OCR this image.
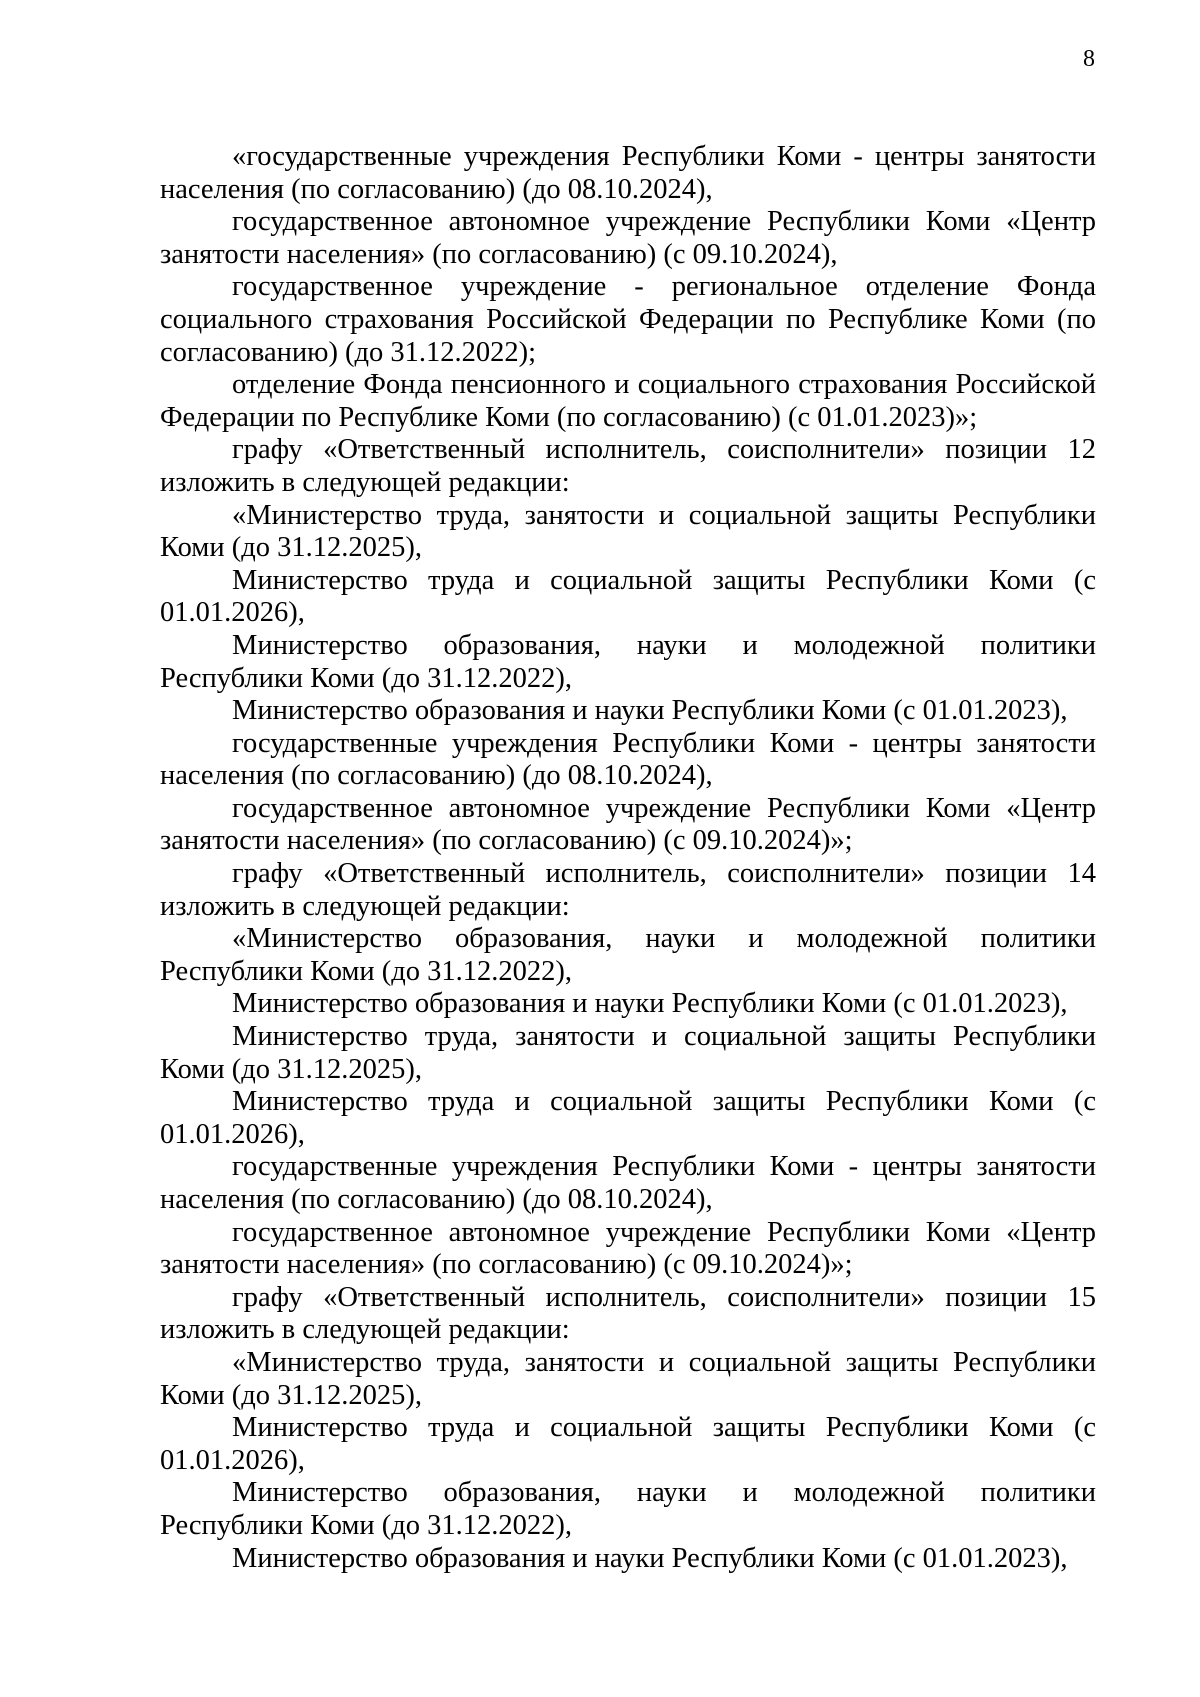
8

«государственные учреждения Республики Коми - центры занятости населения (по согласованию) (до 08.10.2024),

государственное автономное учреждение Республики Коми «Центр занятости населения» (по согласованию) (с 09.10.2024),

государственное учреждение - региональное отделение Фонда социального страхования Российской Федерации по Республике Коми (по согласованию) (до 31.12.2022);

отделение Фонда пенсионного и социального страхования Российской Федерации по Республике Коми (по согласованию) (с 01.01.2023)»;

графу «Ответственный исполнитель, соисполнители» позиции 12 изложить в следующей редакции:

«Министерство труда, занятости и социальной защиты Республики Коми (до 31.12.2025),

Министерство труда и социальной защиты Республики Коми (с 01.01.2026),

Министерство образования, науки и молодежной политики Республики Коми (до 31.12.2022),

Министерство образования и науки Республики Коми (с 01.01.2023),

государственные учреждения Республики Коми - центры занятости населения (по согласованию) (до 08.10.2024),

государственное автономное учреждение Республики Коми «Центр занятости населения» (по согласованию) (с 09.10.2024)»;

графу «Ответственный исполнитель, соисполнители» позиции 14 изложить в следующей редакции:

«Министерство образования, науки и молодежной политики Республики Коми (до 31.12.2022),

Министерство образования и науки Республики Коми (с 01.01.2023),

Министерство труда, занятости и социальной защиты Республики Коми (до 31.12.2025),

Министерство труда и социальной защиты Республики Коми (с 01.01.2026),

государственные учреждения Республики Коми - центры занятости населения (по согласованию) (до 08.10.2024),

государственное автономное учреждение Республики Коми «Центр занятости населения» (по согласованию) (с 09.10.2024)»;

графу «Ответственный исполнитель, соисполнители» позиции 15 изложить в следующей редакции:

«Министерство труда, занятости и социальной защиты Республики Коми (до 31.12.2025),

Министерство труда и социальной защиты Республики Коми (с 01.01.2026),

Министерство образования, науки и молодежной политики Республики Коми (до 31.12.2022),

Министерство образования и науки Республики Коми (с 01.01.2023),
